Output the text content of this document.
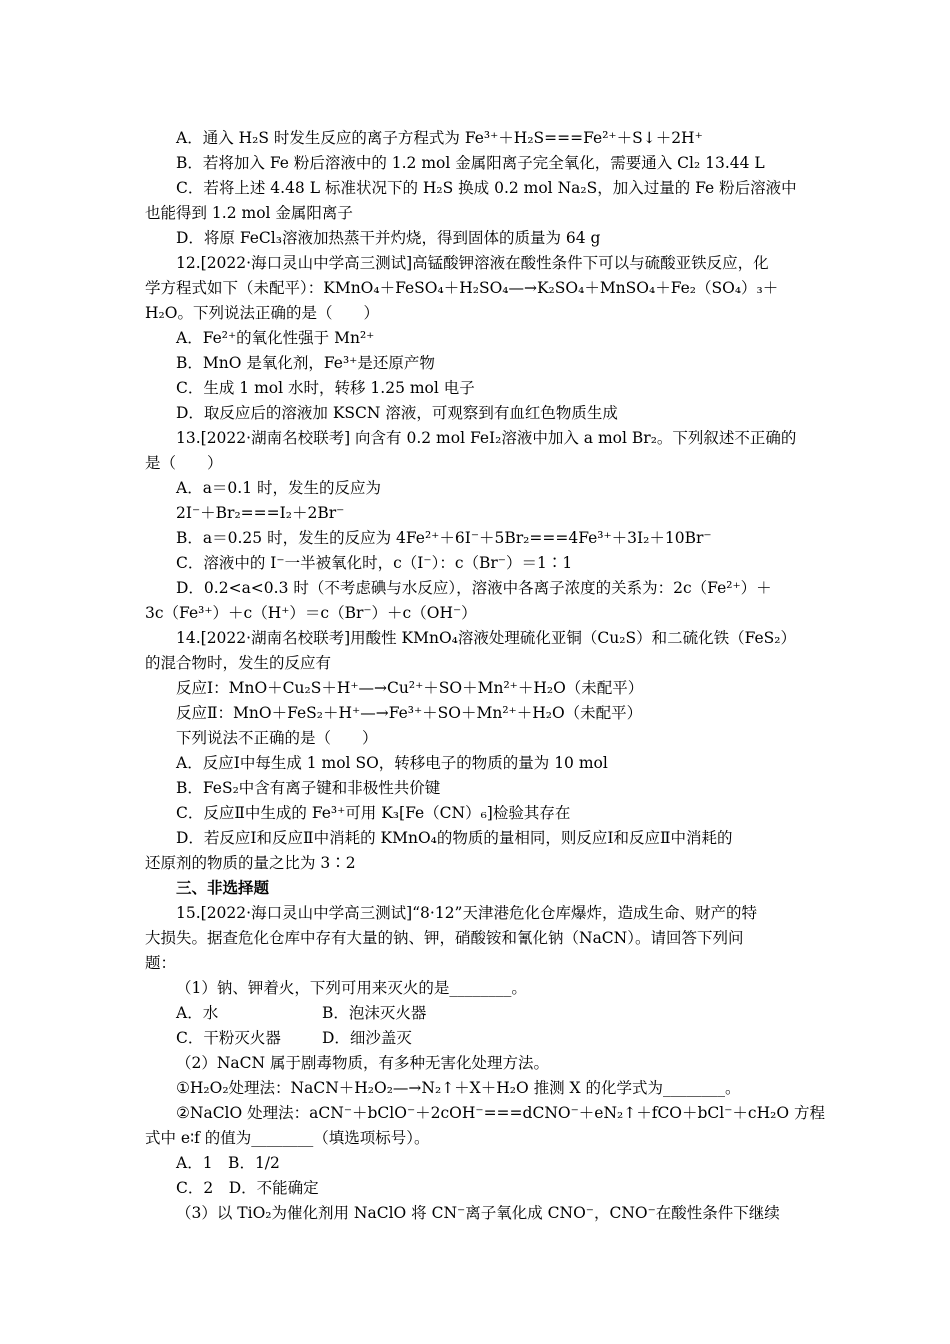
A．通入 H₂S 时发生反应的离子方程式为 Fe³⁺＋H₂S===Fe²⁺＋S↓＋2H⁺
B．若将加入 Fe 粉后溶液中的 1.2 mol 金属阳离子完全氧化，需要通入 Cl₂ 13.44 L
C．若将上述 4.48 L 标准状况下的 H₂S 换成 0.2 mol Na₂S，加入过量的 Fe 粉后溶液中
也能得到 1.2 mol 金属阳离子
D．将原 FeCl₃溶液加热蒸干并灼烧，得到固体的质量为 64 g
12.[2022·海口灵山中学高三测试]高锰酸钾溶液在酸性条件下可以与硫酸亚铁反应，化
学方程式如下（未配平）：KMnO₄＋FeSO₄＋H₂SO₄—→K₂SO₄＋MnSO₄＋Fe₂（SO₄）₃＋
H₂O。下列说法正确的是（　　）
A．Fe²⁺的氧化性强于 Mn²⁺
B．MnO 是氧化剂，Fe³⁺是还原产物
C．生成 1 mol 水时，转移 1.25 mol 电子
D．取反应后的溶液加 KSCN 溶液，可观察到有血红色物质生成
13.[2022·湖南名校联考] 向含有 0.2 mol FeI₂溶液中加入 a mol Br₂。下列叙述不正确的
是（　　）
A．a＝0.1 时，发生的反应为
2I⁻＋Br₂===I₂＋2Br⁻
B．a＝0.25 时，发生的反应为 4Fe²⁺＋6I⁻＋5Br₂===4Fe³⁺＋3I₂＋10Br⁻
C．溶液中的 I⁻一半被氧化时，c（I⁻）：c（Br⁻）＝1∶1
D．0.2<a<0.3 时（不考虑碘与水反应），溶液中各离子浓度的关系为：2c（Fe²⁺）＋
3c（Fe³⁺）＋c（H⁺）＝c（Br⁻）＋c（OH⁻）
14.[2022·湖南名校联考]用酸性 KMnO₄溶液处理硫化亚铜（Cu₂S）和二硫化铁（FeS₂）
的混合物时，发生的反应有
反应Ⅰ：MnO＋Cu₂S＋H⁺—→Cu²⁺＋SO＋Mn²⁺＋H₂O（未配平）
反应Ⅱ：MnO＋FeS₂＋H⁺—→Fe³⁺＋SO＋Mn²⁺＋H₂O（未配平）
下列说法不正确的是（　　）
A．反应Ⅰ中每生成 1 mol SO，转移电子的物质的量为 10 mol
B．FeS₂中含有离子键和非极性共价键
C．反应Ⅱ中生成的 Fe³⁺可用 K₃[Fe（CN）₆]检验其存在
D．若反应Ⅰ和反应Ⅱ中消耗的 KMnO₄的物质的量相同，则反应Ⅰ和反应Ⅱ中消耗的
还原剂的物质的量之比为 3∶2
三、非选择题
15.[2022·海口灵山中学高三测试]“8·12”天津港危化仓库爆炸，造成生命、财产的特
大损失。据查危化仓库中存有大量的钠、钾，硝酸铵和氰化钠（NaCN）。请回答下列问
题：
（1）钠、钾着火，下列可用来灭火的是________。
A．水	B．泡沫灭火器
C．干粉灭火器	D．细沙盖灭
（2）NaCN 属于剧毒物质，有多种无害化处理方法。
①H₂O₂处理法：NaCN＋H₂O₂—→N₂↑＋X＋H₂O 推测 X 的化学式为________。
②NaClO 处理法：aCN⁻＋bClO⁻＋2cOH⁻===dCNO⁻＋eN₂↑＋fCO＋bCl⁻＋cH₂O 方程
式中 e∶f 的值为________（填选项标号）。
A．1　B．1/2
C．2　D．不能确定
（3）以 TiO₂为催化剂用 NaClO 将 CN⁻离子氧化成 CNO⁻，CNO⁻在酸性条件下继续
